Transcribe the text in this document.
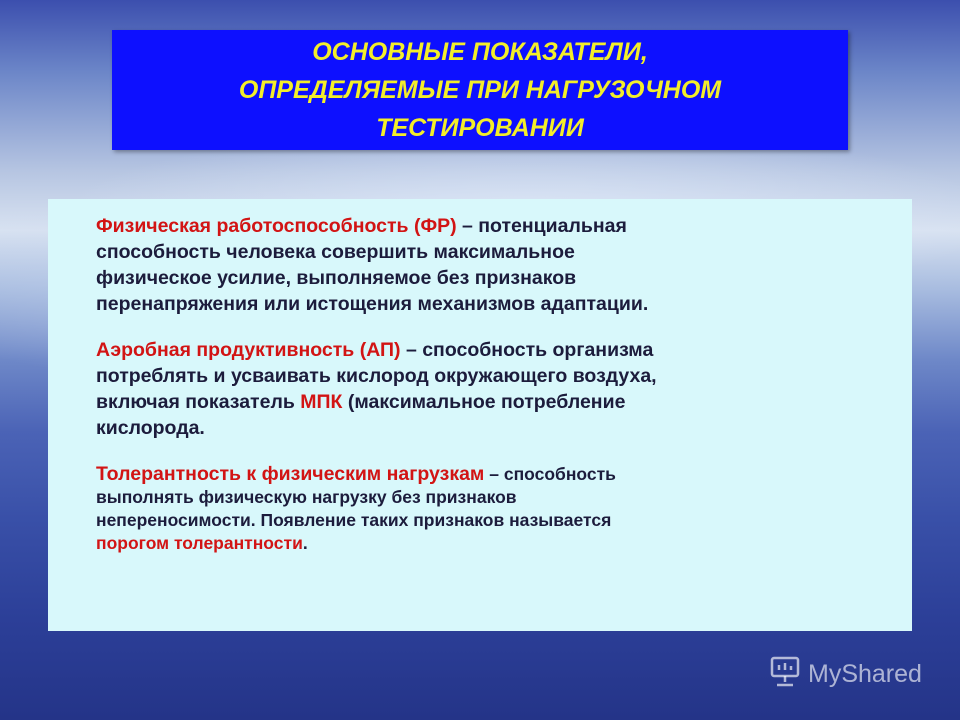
ОСНОВНЫЕ ПОКАЗАТЕЛИ,
ОПРЕДЕЛЯЕМЫЕ ПРИ НАГРУЗОЧНОМ
ТЕСТИРОВАНИИ
Физическая работоспособность (ФР) – потенциальная
способность человека совершить максимальное
физическое усилие, выполняемое без признаков
перенапряжения или истощения механизмов адаптации.
Аэробная продуктивность (АП) – способность организма
потреблять и усваивать кислород окружающего воздуха,
включая показатель МПК (максимальное потребление
кислорода.
Толерантность к физическим нагрузкам – способность
выполнять физическую нагрузку без признаков
непереносимости. Появление таких признаков называется
порогом толерантности.
MyShared
